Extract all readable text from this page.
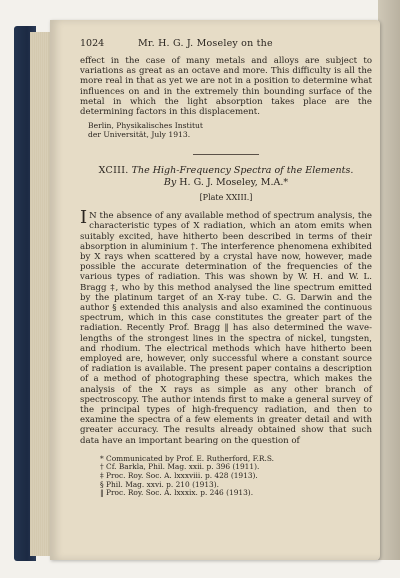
1024	Mr. H. G. J. Moseley on the

effect in the case of many metals and alloys are subject to variations as great as an octave and more. This difficulty is all the more real in that as yet we are not in a position to determine what influences on and in the extremely thin bounding surface of the metal in which the light absorption takes place are the determining factors in this displacement.

Berlin, Physikalisches Institut
der Universität, July 1913.
XCIII. The High-Frequency Spectra of the Elements.
By H. G. J. Moseley, M.A.*
[Plate XXIII.]
I N the absence of any available method of spectrum analysis, the characteristic types of X radiation, which an atom emits when suitably excited, have hitherto been described in terms of their absorption in aluminium †. The interference phenomena exhibited by X rays when scattered by a crystal have now, however, made possible the accurate determination of the frequencies of the various types of radiation. This was shown by W. H. and W. L. Bragg ‡, who by this method analysed the line spectrum emitted by the platinum target of an X-ray tube. C. G. Darwin and the author § extended this analysis and also examined the continuous spectrum, which in this case constitutes the greater part of the radiation. Recently Prof. Bragg ‖ has also determined the wave-lengths of the strongest lines in the spectra of nickel, tungsten, and rhodium. The electrical methods which have hitherto been employed are, however, only successful where a constant source of radiation is available. The present paper contains a description of a method of photographing these spectra, which makes the analysis of the X rays as simple as any other branch of spectroscopy. The author intends first to make a general survey of the principal types of high-frequency radiation, and then to examine the spectra of a few elements in greater detail and with greater accuracy. The results already obtained show that such data have an important bearing on the question of

* Communicated by Prof. E. Rutherford, F.R.S.
† Cf. Barkla, Phil. Mag. xxii. p. 396 (1911).
‡ Proc. Roy. Soc. A. lxxxviii. p. 428 (1913).
§ Phil. Mag. xxvi. p. 210 (1913).
‖ Proc. Roy. Soc. A. lxxxix. p. 246 (1913).
